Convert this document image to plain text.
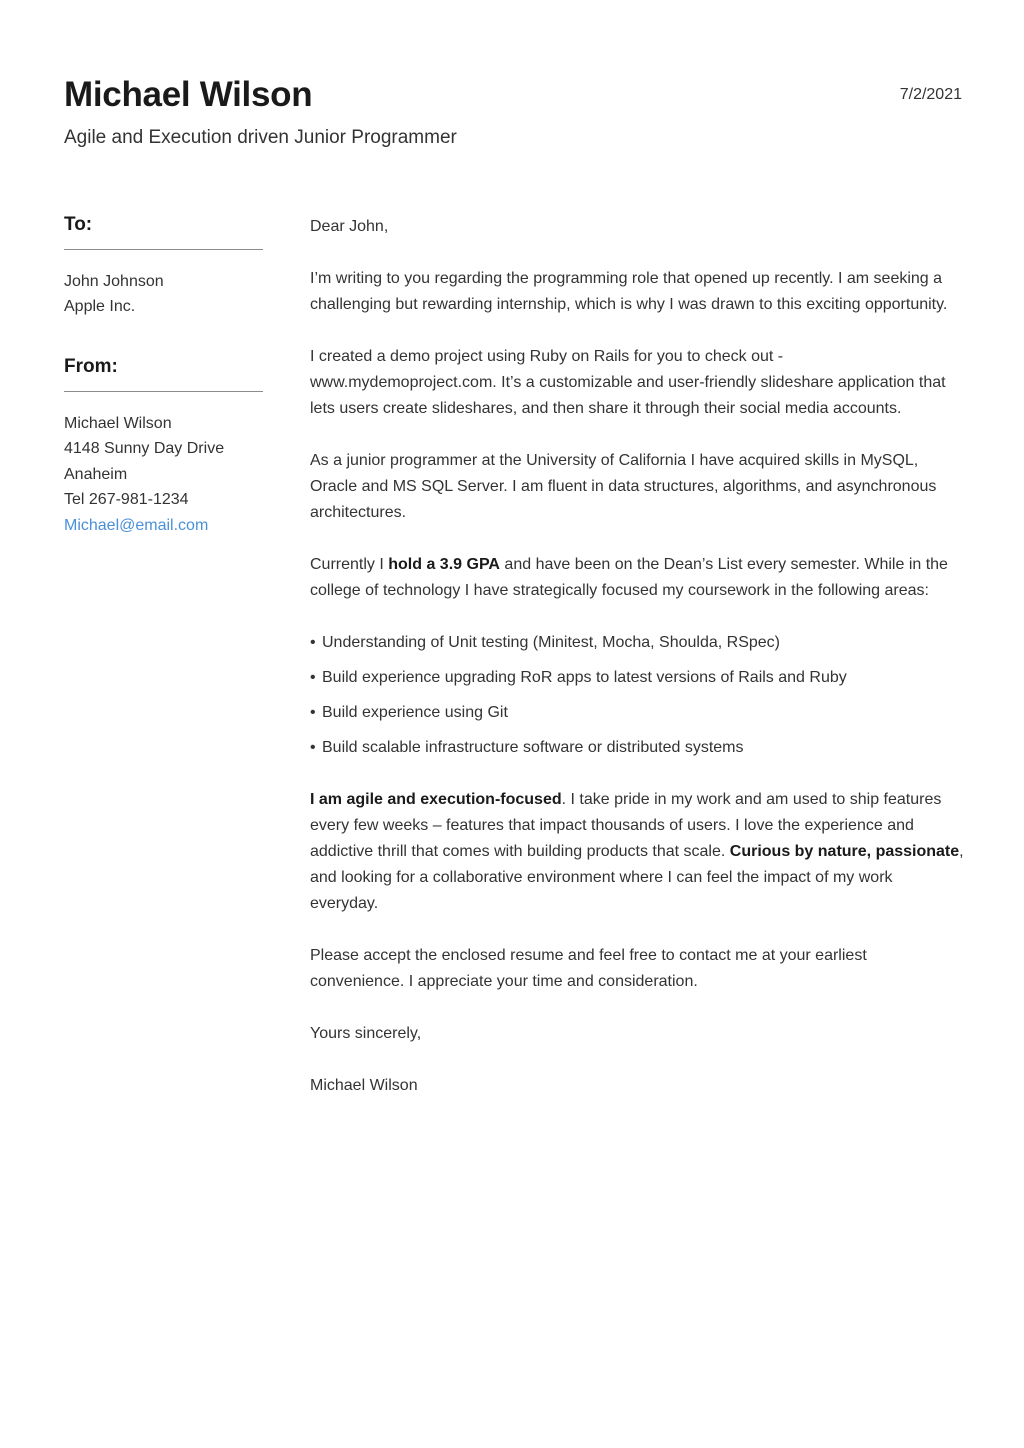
Michael Wilson
Agile and Execution driven Junior Programmer
7/2/2021
To:
John Johnson
Apple Inc.
From:
Michael Wilson
4148 Sunny Day Drive
Anaheim
Tel 267-981-1234
Michael@email.com

Dear John,

I’m writing to you regarding the programming role that opened up recently. I am seeking a challenging but rewarding internship, which is why I was drawn to this exciting opportunity.

I created a demo project using Ruby on Rails for you to check out - www.mydemoproject.com. It’s a customizable and user-friendly slideshare application that lets users create slideshares, and then share it through their social media accounts.

As a junior programmer at the University of California I have acquired skills in MySQL, Oracle and MS SQL Server. I am fluent in data structures, algorithms, and asynchronous architectures.

Currently I hold a 3.9 GPA and have been on the Dean’s List every semester. While in the college of technology I have strategically focused my coursework in the following areas:

• Understanding of Unit testing (Minitest, Mocha, Shoulda, RSpec)
• Build experience upgrading RoR apps to latest versions of Rails and Ruby
• Build experience using Git
• Build scalable infrastructure software or distributed systems

I am agile and execution-focused. I take pride in my work and am used to ship features every few weeks – features that impact thousands of users. I love the experience and addictive thrill that comes with building products that scale. Curious by nature, passionate, and looking for a collaborative environment where I can feel the impact of my work everyday.

Please accept the enclosed resume and feel free to contact me at your earliest convenience. I appreciate your time and consideration.

Yours sincerely,

Michael Wilson
